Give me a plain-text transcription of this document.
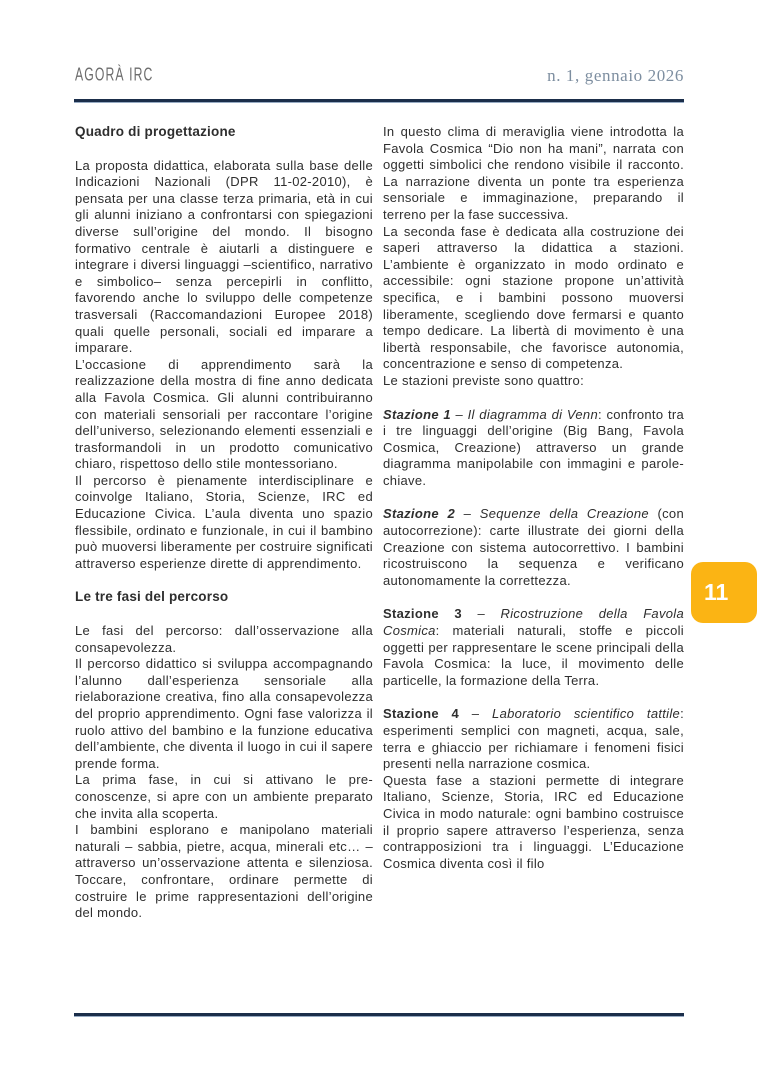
AGORÀ IRC	n. 1, gennaio 2026
Quadro di progettazione

La proposta didattica, elaborata sulla base delle Indicazioni Nazionali (DPR 11-02-2010), è pensata per una classe terza primaria, età in cui gli alunni iniziano a confrontarsi con spiegazioni diverse sull’origine del mondo. Il bisogno formativo centrale è aiutarli a distinguere e integrare i diversi linguaggi –scientifico, narrativo e simbolico– senza percepirli in conflitto, favorendo anche lo sviluppo delle competenze trasversali (Raccomandazioni Europee 2018) quali quelle personali, sociali ed imparare a imparare.

L’occasione di apprendimento sarà la realizzazione della mostra di fine anno dedicata alla Favola Cosmica. Gli alunni contribuiranno con materiali sensoriali per raccontare l’origine dell’universo, selezionando elementi essenziali e trasformandoli in un prodotto comunicativo chiaro, rispettoso dello stile montessoriano.

Il percorso è pienamente interdisciplinare e coinvolge Italiano, Storia, Scienze, IRC ed Educazione Civica. L’aula diventa uno spazio flessibile, ordinato e funzionale, in cui il bambino può muoversi liberamente per costruire significati attraverso esperienze dirette di apprendimento.

Le tre fasi del percorso

Le fasi del percorso: dall’osservazione alla consapevolezza.

Il percorso didattico si sviluppa accompagnando l’alunno dall’esperienza sensoriale alla rielaborazione creativa, fino alla consapevolezza del proprio apprendimento. Ogni fase valorizza il ruolo attivo del bambino e la funzione educativa dell’ambiente, che diventa il luogo in cui il sapere prende forma.

La prima fase, in cui si attivano le pre-conoscenze, si apre con un ambiente preparato che invita alla scoperta.

I bambini esplorano e manipolano materiali naturali – sabbia, pietre, acqua, minerali etc… – attraverso un’osservazione attenta e silenziosa. Toccare, confrontare, ordinare permette di costruire le prime rappresentazioni dell’origine del mondo.

In questo clima di meraviglia viene introdotta la Favola Cosmica “Dio non ha mani”, narrata con oggetti simbolici che rendono visibile il racconto. La narrazione diventa un ponte tra esperienza sensoriale e immaginazione, preparando il terreno per la fase successiva.

La seconda fase è dedicata alla costruzione dei saperi attraverso la didattica a stazioni. L’ambiente è organizzato in modo ordinato e accessibile: ogni stazione propone un’attività specifica, e i bambini possono muoversi liberamente, scegliendo dove fermarsi e quanto tempo dedicare. La libertà di movimento è una libertà responsabile, che favorisce autonomia, concentrazione e senso di competenza.

Le stazioni previste sono quattro:

Stazione 1 – Il diagramma di Venn: confronto tra i tre linguaggi dell’origine (Big Bang, Favola Cosmica, Creazione) attraverso un grande diagramma manipolabile con immagini e parole-chiave.

Stazione 2 – Sequenze della Creazione (con autocorrezione): carte illustrate dei giorni della Creazione con sistema autocorrettivo. I bambini ricostruiscono la sequenza e verificano autonomamente la correttezza.

Stazione 3 – Ricostruzione della Favola Cosmica: materiali naturali, stoffe e piccoli oggetti per rappresentare le scene principali della Favola Cosmica: la luce, il movimento delle particelle, la formazione della Terra.

Stazione 4 – Laboratorio scientifico tattile: esperimenti semplici con magneti, acqua, sale, terra e ghiaccio per richiamare i fenomeni fisici presenti nella narrazione cosmica.

Questa fase a stazioni permette di integrare Italiano, Scienze, Storia, IRC ed Educazione Civica in modo naturale: ogni bambino costruisce il proprio sapere attraverso l’esperienza, senza contrapposizioni tra i linguaggi. L’Educazione Cosmica diventa così il filo

11
